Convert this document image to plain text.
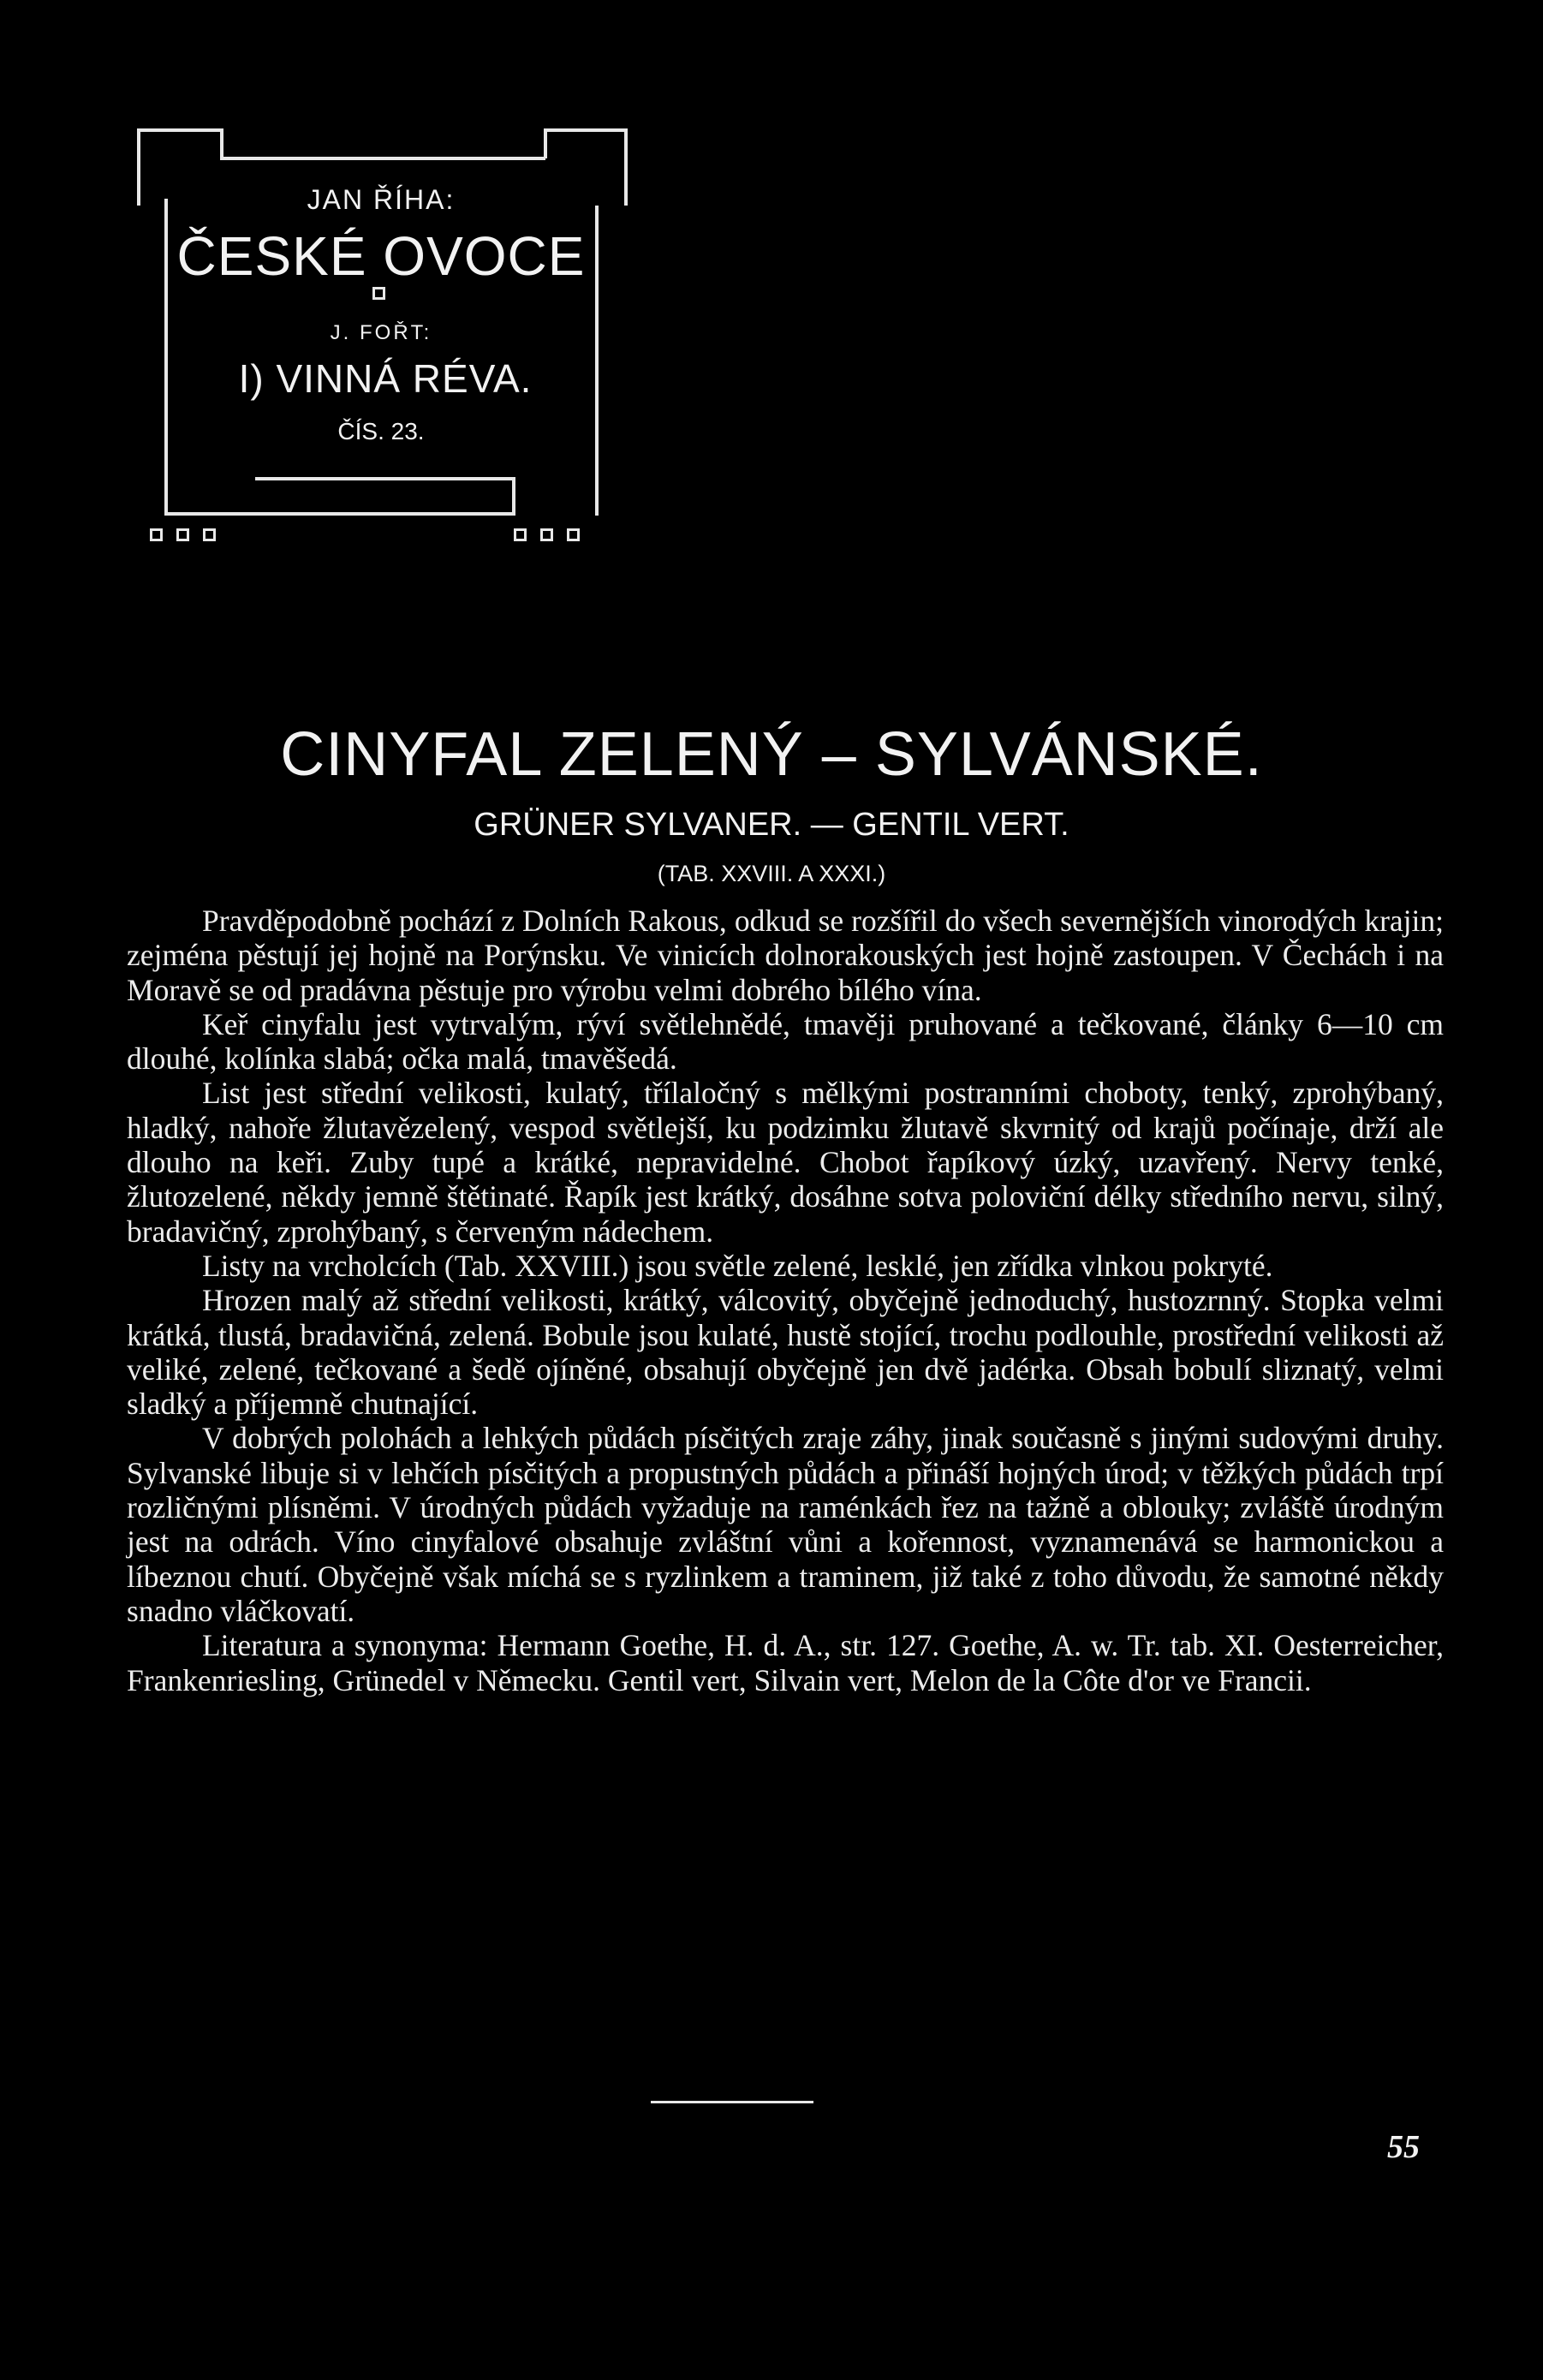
JAN ŘÍHA:
ČESKÉ OVOCE
J. FOŘT:
I) VINNÁ RÉVA.
ČÍS. 23.
CINYFAL ZELENÝ – SYLVÁNSKÉ.
GRÜNER SYLVANER. — GENTIL VERT.
(TAB. XXVIII. A XXXI.)

Pravděpodobně pochází z Dolních Rakous, odkud se rozšířil do všech severnějších vinorodých krajin; zejména pěstují jej hojně na Porýnsku. Ve vinicích dolnorakouských jest hojně zastoupen. V Čechách i na Moravě se od pradávna pěstuje pro výrobu velmi dobrého bílého vína.

Keř cinyfalu jest vytrvalým, rýví světlehnědé, tmavěji pruhované a tečkované, články 6—10 cm dlouhé, kolínka slabá; očka malá, tmavěšedá.

List jest střední velikosti, kulatý, třílaločný s mělkými postranními choboty, tenký, zprohýbaný, hladký, nahoře žlutavězelený, vespod světlejší, ku podzimku žlutavě skvrnitý od krajů počínaje, drží ale dlouho na keři. Zuby tupé a krátké, nepravidelné. Chobot řapíkový úzký, uzavřený. Nervy tenké, žlutozelené, někdy jemně štětinaté. Řapík jest krátký, dosáhne sotva poloviční délky středního nervu, silný, bradavičný, zprohýbaný, s červeným nádechem.

Listy na vrcholcích (Tab. XXVIII.) jsou světle zelené, lesklé, jen zřídka vlnkou pokryté.

Hrozen malý až střední velikosti, krátký, válcovitý, obyčejně jednoduchý, hustozrnný. Stopka velmi krátká, tlustá, bradavičná, zelená. Bobule jsou kulaté, hustě stojící, trochu podlouhle, prostřední velikosti až veliké, zelené, tečkované a šedě ojíněné, obsahují obyčejně jen dvě jadérka. Obsah bobulí sliznatý, velmi sladký a příjemně chutnající.

V dobrých polohách a lehkých půdách písčitých zraje záhy, jinak současně s jinými sudovými druhy. Sylvanské libuje si v lehčích písčitých a propustných půdách a přináší hojných úrod; v těžkých půdách trpí rozličnými plísněmi. V úrodných půdách vyžaduje na raménkách řez na tažně a oblouky; zvláště úrodným jest na odrách. Víno cinyfalové obsahuje zvláštní vůni a kořennost, vyznamenává se harmonickou a líbeznou chutí. Obyčejně však míchá se s ryzlinkem a traminem, již také z toho důvodu, že samotné někdy snadno vláčkovatí.

Literatura a synonyma: Hermann Goethe, H. d. A., str. 127. Goethe, A. w. Tr. tab. XI. Oesterreicher, Frankenriesling, Grünedel v Německu. Gentil vert, Silvain vert, Melon de la Côte d'or ve Francii.

55
